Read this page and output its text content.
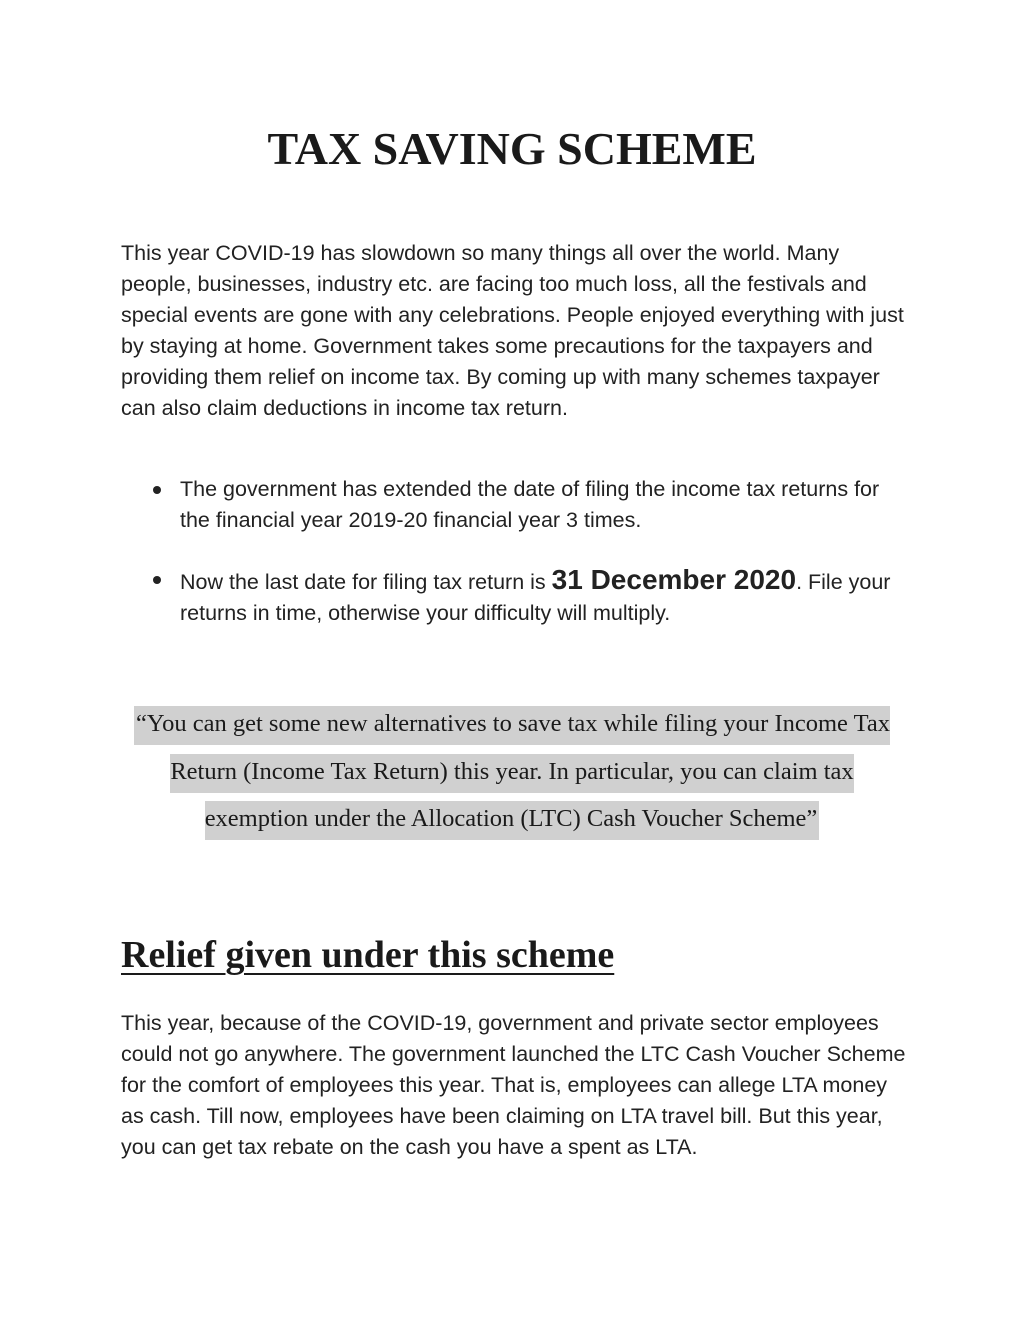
TAX SAVING SCHEME

This year COVID-19 has slowdown so many things all over the world. Many people, businesses, industry etc. are facing too much loss, all the festivals and special events are gone with any celebrations. People enjoyed everything with just by staying at home. Government takes some precautions for the taxpayers and providing them relief on income tax. By coming up with many schemes taxpayer can also claim deductions in income tax return.

The government has extended the date of filing the income tax returns for the financial year 2019-20 financial year 3 times.
Now the last date for filing tax return is 31 December 2020. File your returns in time, otherwise your difficulty will multiply.

“You can get some new alternatives to save tax while filing your Income Tax Return (Income Tax Return) this year. In particular, you can claim tax exemption under the Allocation (LTC) Cash Voucher Scheme”

Relief given under this scheme

This year, because of the COVID-19, government and private sector employees could not go anywhere. The government launched the LTC Cash Voucher Scheme for the comfort of employees this year. That is, employees can allege LTA money as cash. Till now, employees have been claiming on LTA travel bill. But this year, you can get tax rebate on the cash you have a spent as LTA.
